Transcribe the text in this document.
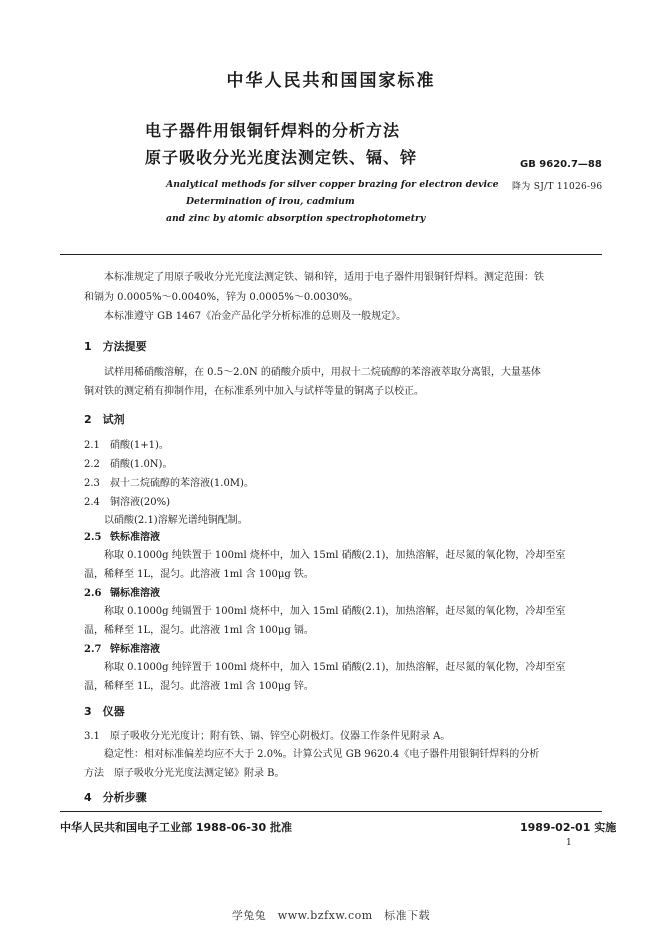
中华人民共和国国家标准
电子器件用银铜钎焊料的分析方法
原子吸收分光光度法测定铁、镉、锌	GB 9620.7—88
降为 SJ/T 11026-96
Analytical methods for silver copper brazing for electron device
Determination of irou, cadmium
and zinc by atomic absorption spectrophotometry
本标准规定了用原子吸收分光光度法测定铁、镉和锌，适用于电子器件用银铜钎焊料。测定范围：铁
和镉为 0.0005%～0.0040%，锌为 0.0005%～0.0030%。
本标准遵守 GB 1467《冶金产品化学分析标准的总则及一般规定》。
1　方法提要
试样用稀硝酸溶解，在 0.5～2.0N 的硝酸介质中，用叔十二烷硫醇的苯溶液萃取分离银，大量基体
铜对铁的测定稍有抑制作用，在标准系列中加入与试样等量的铜离子以校正。
2　试剂
2.1 硝酸(1+1)。
2.2 硝酸(1.0N)。
2.3 叔十二烷硫醇的苯溶液(1.0M)。
2.4 铜溶液(20%)
以硝酸(2.1)溶解光谱纯铜配制。
2.5 铁标准溶液
称取 0.1000g 纯铁置于 100ml 烧杯中，加入 15ml 硝酸(2.1)，加热溶解，赶尽氮的氧化物，冷却至室
温，稀释至 1L，混匀。此溶液 1ml 含 100μg 铁。
2.6 镉标准溶液
称取 0.1000g 纯镉置于 100ml 烧杯中，加入 15ml 硝酸(2.1)，加热溶解，赶尽氮的氧化物，冷却至室
温，稀释至 1L，混匀。此溶液 1ml 含 100μg 镉。
2.7 锌标准溶液
称取 0.1000g 纯锌置于 100ml 烧杯中，加入 15ml 硝酸(2.1)，加热溶解，赶尽氮的氧化物，冷却至室
温，稀释至 1L，混匀。此溶液 1ml 含 100μg 锌。
3　仪器
3.1 原子吸收分光光度计；附有铁、镉、锌空心阴极灯。仪器工作条件见附录 A。
稳定性：相对标准偏差均应不大于 2.0%。计算公式见 GB 9620.4《电子器件用银铜钎焊料的分析
方法　原子吸收分光光度法测定铋》附录 B。
4　分析步骤
中华人民共和国电子工业部 1988-06-30 批准	1989-02-01 实施
1
学兔兔　www.bzfxw.com　标准下载
